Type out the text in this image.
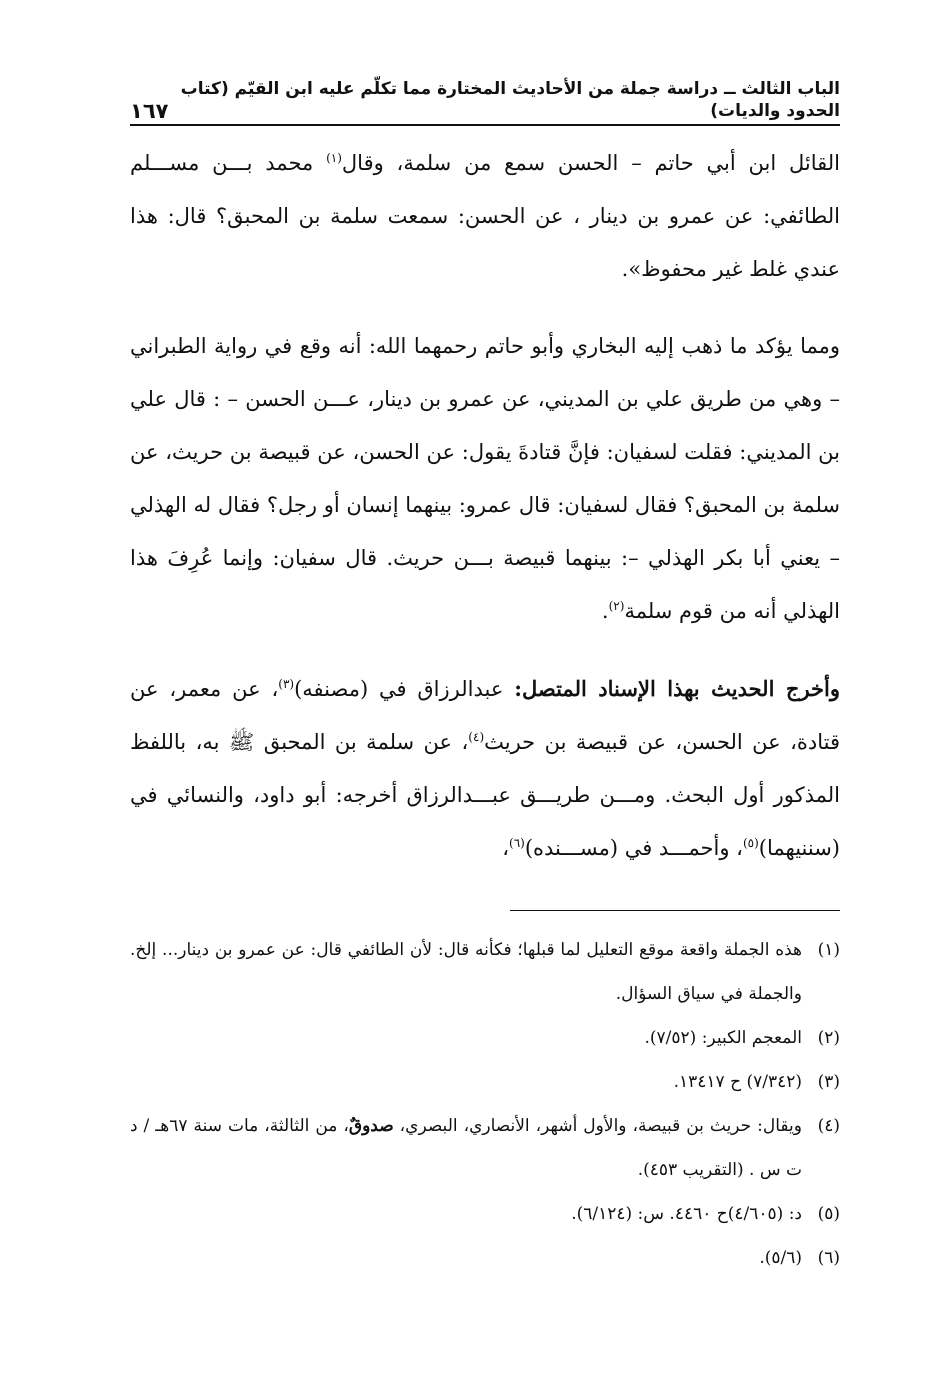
الباب الثالث ــ دراسة جملة من الأحاديث المختارة مما تكلّم عليه ابن القيّم (كتاب الحدود والديات)
١٦٧

القائل ابن أبي حاتم – الحسن سمع من سلمة، وقال$^{(١)}$ محمد بـــن مســـلم الطائفي: عن عمرو بن دينار ، عن الحسن: سمعت سلمة بن المحبق؟ قال: هذا عندي غلط غير محفوظ».

ومما يؤكد ما ذهب إليه البخاري وأبو حاتم رحمهما الله: أنه وقع في رواية الطبراني – وهي من طريق علي بن المديني، عن عمرو بن دينار، عـــن الحسن – : قال علي بن المديني: فقلت لسفيان: فإنَّ قتادةَ يقول: عن الحسن، عن قبيصة بن حريث، عن سلمة بن المحبق؟ فقال لسفيان: قال عمرو: بينهما إنسان أو رجل؟ فقال له الهذلي – يعني أبا بكر الهذلي –: بينهما قبيصة بـــن حريث. قال سفيان: وإنما عُرِفَ هذا الهذلي أنه من قوم سلمة$^{(٢)}$.

وأخرج الحديث بهذا الإسناد المتصل: عبدالرزاق في (مصنفه)$^{(٣)}$، عن معمر، عن قتادة، عن الحسن، عن قبيصة بن حريث$^{(٤)}$، عن سلمة بن المحبق ﷺ به، باللفظ المذكور أول البحث. ومـــن طريـــق عبـــدالرزاق أخرجه: أبو داود، والنسائي في (سننيهما)$^{(٥)}$، وأحمـــد في (مســـنده)$^{(٦)}$،

(١)
هذه الجملة واقعة موقع التعليل لما قبلها؛ فكأنه قال: لأن الطائفي قال: عن عمرو بن دينار... إلخ. والجملة في سياق السؤال.

(٢)
المعجم الكبير: (٧/٥٢).

(٣)
(٧/٣٤٢) ح ١٣٤١٧.

(٤)
ويقال: حريث بن قبيصة، والأول أشهر، الأنصاري، البصري، صدوقٌ، من الثالثة، مات سنة ٦٧هـ / د ت س . (التقريب ٤٥٣).

(٥)
د: (٤/٦٠٥)ح ٤٤٦٠. س: (٦/١٢٤).

(٦)
(٥/٦).
